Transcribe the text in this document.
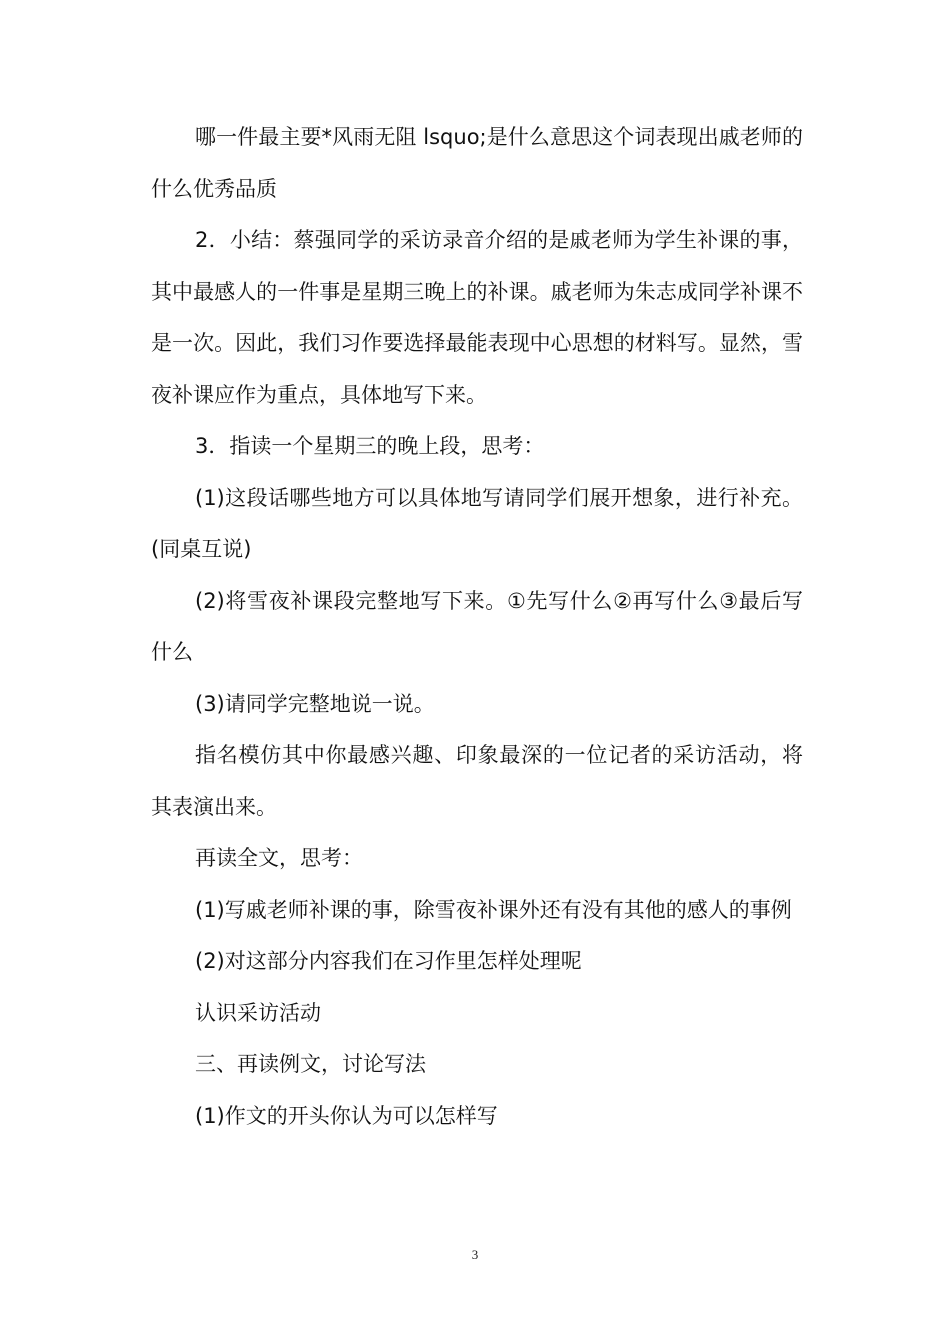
哪一件最主要*风雨无阻 lsquo;是什么意思这个词表现出戚老师的什么优秀品质

2．小结：蔡强同学的采访录音介绍的是戚老师为学生补课的事，其中最感人的一件事是星期三晚上的补课。戚老师为朱志成同学补课不是一次。因此，我们习作要选择最能表现中心思想的材料写。显然，雪夜补课应作为重点，具体地写下来。

3．指读一个星期三的晚上段，思考：

(1)这段话哪些地方可以具体地写请同学们展开想象，进行补充。(同桌互说)

(2)将雪夜补课段完整地写下来。①先写什么②再写什么③最后写什么

(3)请同学完整地说一说。

指名模仿其中你最感兴趣、印象最深的一位记者的采访活动，将其表演出来。

再读全文，思考：

(1)写戚老师补课的事，除雪夜补课外还有没有其他的感人的事例

(2)对这部分内容我们在习作里怎样处理呢

认识采访活动

三、再读例文，讨论写法

(1)作文的开头你认为可以怎样写

3
